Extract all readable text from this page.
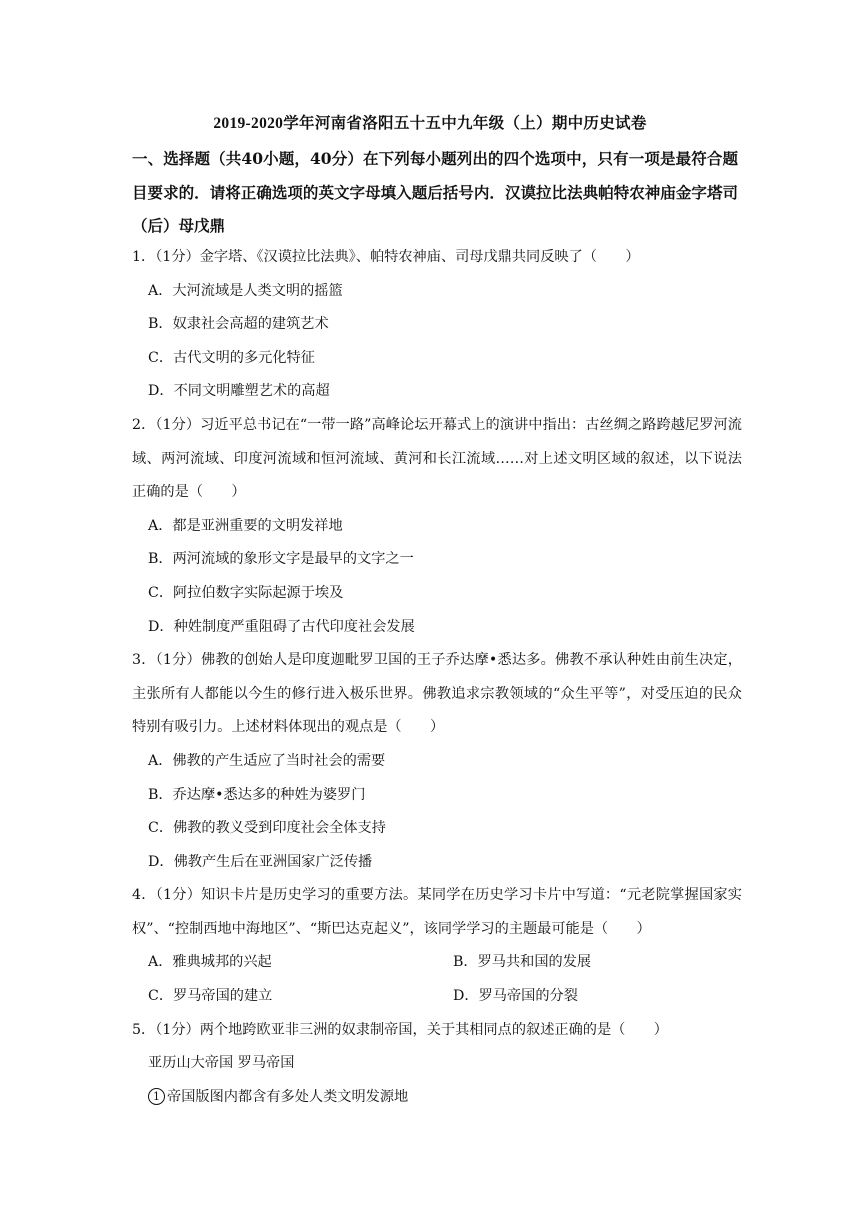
2019-2020学年河南省洛阳五十五中九年级（上）期中历史试卷
一、选择题（共40小题，40分）在下列每小题列出的四个选项中，只有一项是最符合题目要求的．请将正确选项的英文字母填入题后括号内．汉谟拉比法典帕特农神庙金字塔司（后）母戊鼎
1．（1分）金字塔、《汉谟拉比法典》、帕特农神庙、司母戊鼎共同反映了（　　）
A．大河流域是人类文明的摇篮
B．奴隶社会高超的建筑艺术
C．古代文明的多元化特征
D．不同文明雕塑艺术的高超
2．（1分）习近平总书记在“一带一路”高峰论坛开幕式上的演讲中指出：古丝绸之路跨越尼罗河流域、两河流域、印度河流域和恒河流域、黄河和长江流域……对上述文明区域的叙述，以下说法正确的是（　　）
A．都是亚洲重要的文明发祥地
B．两河流域的象形文字是最早的文字之一
C．阿拉伯数字实际起源于埃及
D．种姓制度严重阻碍了古代印度社会发展
3．（1分）佛教的创始人是印度迦毗罗卫国的王子乔达摩•悉达多。佛教不承认种姓由前生决定，主张所有人都能以今生的修行进入极乐世界。佛教追求宗教领域的“众生平等”，对受压迫的民众特别有吸引力。上述材料体现出的观点是（　　）
A．佛教的产生适应了当时社会的需要
B．乔达摩•悉达多的种姓为婆罗门
C．佛教的教义受到印度社会全体支持
D．佛教产生后在亚洲国家广泛传播
4．（1分）知识卡片是历史学习的重要方法。某同学在历史学习卡片中写道：“元老院掌握国家实权”、“控制西地中海地区”、“斯巴达克起义”，该同学学习的主题最可能是（　　）
A．雅典城邦的兴起	B．罗马共和国的发展
C．罗马帝国的建立	D．罗马帝国的分裂
5．（1分）两个地跨欧亚非三洲的奴隶制帝国，关于其相同点的叙述正确的是（　　）
亚历山大帝国 罗马帝国
1 帝国版图内都含有多处人类文明发源地
